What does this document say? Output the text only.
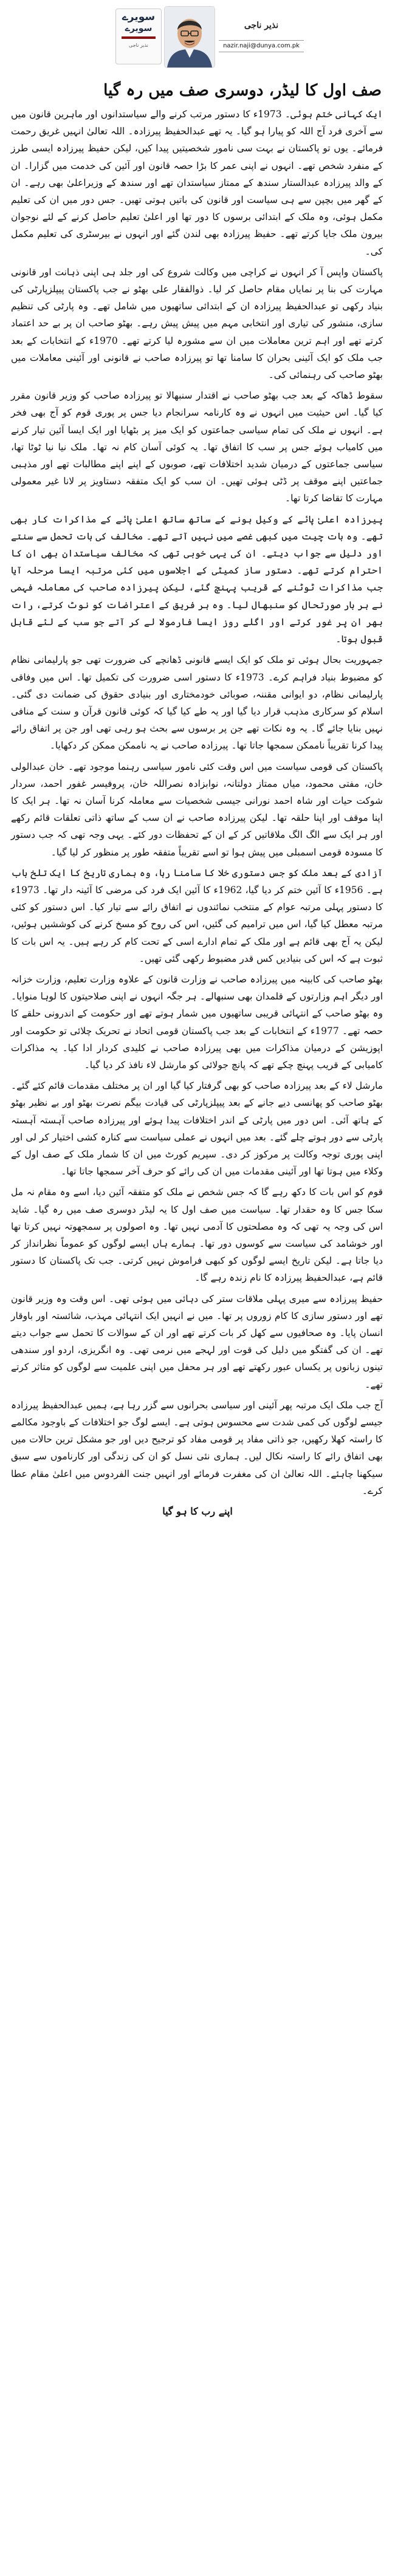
سویرے
سویرے
نذیر ناجی
نذیر ناجی
nazir.naji@dunya.com.pk
صف اول کا لیڈر، دوسری صف میں رہ گیا

ایک کہانی ختم ہوئی۔ 1973ء کا دستور مرتب کرنے والے سیاستدانوں اور ماہرین قانون میں سے آخری فرد آج اللہ کو پیارا ہو گیا۔ یہ تھے عبدالحفیظ پیرزادہ۔ اللہ تعالیٰ انہیں غریق رحمت فرمائے۔ یوں تو پاکستان نے بہت سی نامور شخصیتیں پیدا کیں، لیکن حفیظ پیرزادہ ایسی طرز کے منفرد شخص تھے۔ انہوں نے اپنی عمر کا بڑا حصہ قانون اور آئین کی خدمت میں گزارا۔ ان کے والد پیرزادہ عبدالستار سندھ کے ممتاز سیاستدان تھے اور سندھ کے وزیراعلیٰ بھی رہے۔ ان کے گھر میں بچپن سے ہی سیاست اور قانون کی باتیں ہوتی تھیں۔ جس دور میں ان کی تعلیم مکمل ہوئی، وہ ملک کے ابتدائی برسوں کا دور تھا اور اعلیٰ تعلیم حاصل کرنے کے لئے نوجوان بیرون ملک جایا کرتے تھے۔ حفیظ پیرزادہ بھی لندن گئے اور انہوں نے بیرسٹری کی تعلیم مکمل کی۔

پاکستان واپس آ کر انہوں نے کراچی میں وکالت شروع کی اور جلد ہی اپنی ذہانت اور قانونی مہارت کی بنا پر نمایاں مقام حاصل کر لیا۔ ذوالفقار علی بھٹو نے جب پاکستان پیپلزپارٹی کی بنیاد رکھی تو عبدالحفیظ پیرزادہ ان کے ابتدائی ساتھیوں میں شامل تھے۔ وہ پارٹی کی تنظیم سازی، منشور کی تیاری اور انتخابی مہم میں پیش پیش رہے۔ بھٹو صاحب ان پر بے حد اعتماد کرتے تھے اور اہم ترین معاملات میں ان سے مشورہ لیا کرتے تھے۔ 1970ء کے انتخابات کے بعد جب ملک کو ایک آئینی بحران کا سامنا تھا تو پیرزادہ صاحب نے قانونی اور آئینی معاملات میں بھٹو صاحب کی رہنمائی کی۔

سقوط ڈھاکہ کے بعد جب بھٹو صاحب نے اقتدار سنبھالا تو پیرزادہ صاحب کو وزیر قانون مقرر کیا گیا۔ اس حیثیت میں انہوں نے وہ کارنامہ سرانجام دیا جس پر پوری قوم کو آج بھی فخر ہے۔ انہوں نے ملک کی تمام سیاسی جماعتوں کو ایک میز پر بٹھایا اور ایک ایسا آئین تیار کرنے میں کامیاب ہوئے جس پر سب کا اتفاق تھا۔ یہ کوئی آسان کام نہ تھا۔ ملک نیا نیا ٹوٹا تھا، سیاسی جماعتوں کے درمیان شدید اختلافات تھے، صوبوں کے اپنے اپنے مطالبات تھے اور مذہبی جماعتیں اپنے موقف پر ڈٹی ہوئی تھیں۔ ان سب کو ایک متفقہ دستاویز پر لانا غیر معمولی مہارت کا تقاضا کرتا تھا۔

پیرزادہ اعلیٰ پائے کے وکیل ہونے کے ساتھ ساتھ اعلیٰ پائے کے مذاکرات کار بھی تھے۔ وہ بات چیت میں کبھی غصے میں نہیں آتے تھے۔ مخالف کی بات تحمل سے سنتے اور دلیل سے جواب دیتے۔ ان کی یہی خوبی تھی کہ مخالف سیاستدان بھی ان کا احترام کرتے تھے۔ دستور ساز کمیٹی کے اجلاسوں میں کئی مرتبہ ایسا مرحلہ آیا جب مذاکرات ٹوٹنے کے قریب پہنچ گئے، لیکن پیرزادہ صاحب کی معاملہ فہمی نے ہر بار صورتحال کو سنبھال لیا۔ وہ ہر فریق کے اعتراضات کو نوٹ کرتے، رات بھر ان پر غور کرتے اور اگلے روز ایسا فارمولا لے کر آتے جو سب کے لئے قابل قبول ہوتا۔

جمہوریت بحال ہوئی تو ملک کو ایک ایسے قانونی ڈھانچے کی ضرورت تھی جو پارلیمانی نظام کو مضبوط بنیاد فراہم کرے۔ 1973ء کا دستور اسی ضرورت کی تکمیل تھا۔ اس میں وفاقی پارلیمانی نظام، دو ایوانی مقننہ، صوبائی خودمختاری اور بنیادی حقوق کی ضمانت دی گئی۔ اسلام کو سرکاری مذہب قرار دیا گیا اور یہ طے کیا گیا کہ کوئی قانون قرآن و سنت کے منافی نہیں بنایا جائے گا۔ یہ وہ نکات تھے جن پر برسوں سے بحث ہو رہی تھی اور جن پر اتفاق رائے پیدا کرنا تقریباً ناممکن سمجھا جاتا تھا۔ پیرزادہ صاحب نے یہ ناممکن ممکن کر دکھایا۔

پاکستان کی قومی سیاست میں اس وقت کئی نامور سیاسی رہنما موجود تھے۔ خان عبدالولی خان، مفتی محمود، میاں ممتاز دولتانہ، نوابزادہ نصراللہ خان، پروفیسر غفور احمد، سردار شوکت حیات اور شاہ احمد نورانی جیسی شخصیات سے معاملہ کرنا آسان نہ تھا۔ ہر ایک کا اپنا موقف اور اپنا حلقہ تھا۔ لیکن پیرزادہ صاحب نے ان سب کے ساتھ ذاتی تعلقات قائم رکھے اور ہر ایک سے الگ الگ ملاقاتیں کر کے ان کے تحفظات دور کئے۔ یہی وجہ تھی کہ جب دستور کا مسودہ قومی اسمبلی میں پیش ہوا تو اسے تقریباً متفقہ طور پر منظور کر لیا گیا۔

آزادی کے بعد ملک کو جس دستوری خلا کا سامنا رہا، وہ ہماری تاریخ کا ایک تلخ باب ہے۔ 1956ء کا آئین ختم کر دیا گیا، 1962ء کا آئین ایک فرد کی مرضی کا آئینہ دار تھا۔ 1973ء کا دستور پہلی مرتبہ عوام کے منتخب نمائندوں نے اتفاق رائے سے تیار کیا۔ اس دستور کو کئی مرتبہ معطل کیا گیا، اس میں ترامیم کی گئیں، اس کی روح کو مسخ کرنے کی کوششیں ہوئیں، لیکن یہ آج بھی قائم ہے اور ملک کے تمام ادارے اسی کے تحت کام کر رہے ہیں۔ یہ اس بات کا ثبوت ہے کہ اس کی بنیادیں کس قدر مضبوط رکھی گئی تھیں۔

بھٹو صاحب کی کابینہ میں پیرزادہ صاحب نے وزارت قانون کے علاوہ وزارت تعلیم، وزارت خزانہ اور دیگر اہم وزارتوں کے قلمدان بھی سنبھالے۔ ہر جگہ انہوں نے اپنی صلاحیتوں کا لوہا منوایا۔ وہ بھٹو صاحب کے انتہائی قریبی ساتھیوں میں شمار ہوتے تھے اور حکومت کے اندرونی حلقے کا حصہ تھے۔ 1977ء کے انتخابات کے بعد جب پاکستان قومی اتحاد نے تحریک چلائی تو حکومت اور اپوزیشن کے درمیان مذاکرات میں بھی پیرزادہ صاحب نے کلیدی کردار ادا کیا۔ یہ مذاکرات کامیابی کے قریب پہنچ چکے تھے کہ پانچ جولائی کو مارشل لاء نافذ کر دیا گیا۔

مارشل لاء کے بعد پیرزادہ صاحب کو بھی گرفتار کیا گیا اور ان پر مختلف مقدمات قائم کئے گئے۔ بھٹو صاحب کو پھانسی دیے جانے کے بعد پیپلزپارٹی کی قیادت بیگم نصرت بھٹو اور بے نظیر بھٹو کے ہاتھ آئی۔ اس دور میں پارٹی کے اندر اختلافات پیدا ہوئے اور پیرزادہ صاحب آہستہ آہستہ پارٹی سے دور ہوتے چلے گئے۔ بعد میں انہوں نے عملی سیاست سے کنارہ کشی اختیار کر لی اور اپنی پوری توجہ وکالت پر مرکوز کر دی۔ سپریم کورٹ میں ان کا شمار ملک کے صف اول کے وکلاء میں ہوتا تھا اور آئینی مقدمات میں ان کی رائے کو حرف آخر سمجھا جاتا تھا۔

قوم کو اس بات کا دکھ رہے گا کہ جس شخص نے ملک کو متفقہ آئین دیا، اسے وہ مقام نہ مل سکا جس کا وہ حقدار تھا۔ سیاست میں صف اول کا یہ لیڈر دوسری صف میں رہ گیا۔ شاید اس کی وجہ یہ تھی کہ وہ مصلحتوں کا آدمی نہیں تھا۔ وہ اصولوں پر سمجھوتہ نہیں کرتا تھا اور خوشامد کی سیاست سے کوسوں دور تھا۔ ہمارے ہاں ایسے لوگوں کو عموماً نظرانداز کر دیا جاتا ہے۔ لیکن تاریخ ایسے لوگوں کو کبھی فراموش نہیں کرتی۔ جب تک پاکستان کا دستور قائم ہے، عبدالحفیظ پیرزادہ کا نام زندہ رہے گا۔

حفیظ پیرزادہ سے میری پہلی ملاقات ستر کی دہائی میں ہوئی تھی۔ اس وقت وہ وزیر قانون تھے اور دستور سازی کا کام زوروں پر تھا۔ میں نے انہیں ایک انتہائی مہذب، شائستہ اور باوقار انسان پایا۔ وہ صحافیوں سے کھل کر بات کرتے تھے اور ان کے سوالات کا تحمل سے جواب دیتے تھے۔ ان کی گفتگو میں دلیل کی قوت اور لہجے میں نرمی تھی۔ وہ انگریزی، اردو اور سندھی تینوں زبانوں پر یکساں عبور رکھتے تھے اور ہر محفل میں اپنی علمیت سے لوگوں کو متاثر کرتے تھے۔

آج جب ملک ایک مرتبہ پھر آئینی اور سیاسی بحرانوں سے گزر رہا ہے، ہمیں عبدالحفیظ پیرزادہ جیسے لوگوں کی کمی شدت سے محسوس ہوتی ہے۔ ایسے لوگ جو اختلافات کے باوجود مکالمے کا راستہ کھلا رکھیں، جو ذاتی مفاد پر قومی مفاد کو ترجیح دیں اور جو مشکل ترین حالات میں بھی اتفاق رائے کا راستہ نکال لیں۔ ہماری نئی نسل کو ان کی زندگی اور کارناموں سے سبق سیکھنا چاہئے۔ اللہ تعالیٰ ان کی مغفرت فرمائے اور انہیں جنت الفردوس میں اعلیٰ مقام عطا کرے۔

اپنے رب کا ہو گیا
